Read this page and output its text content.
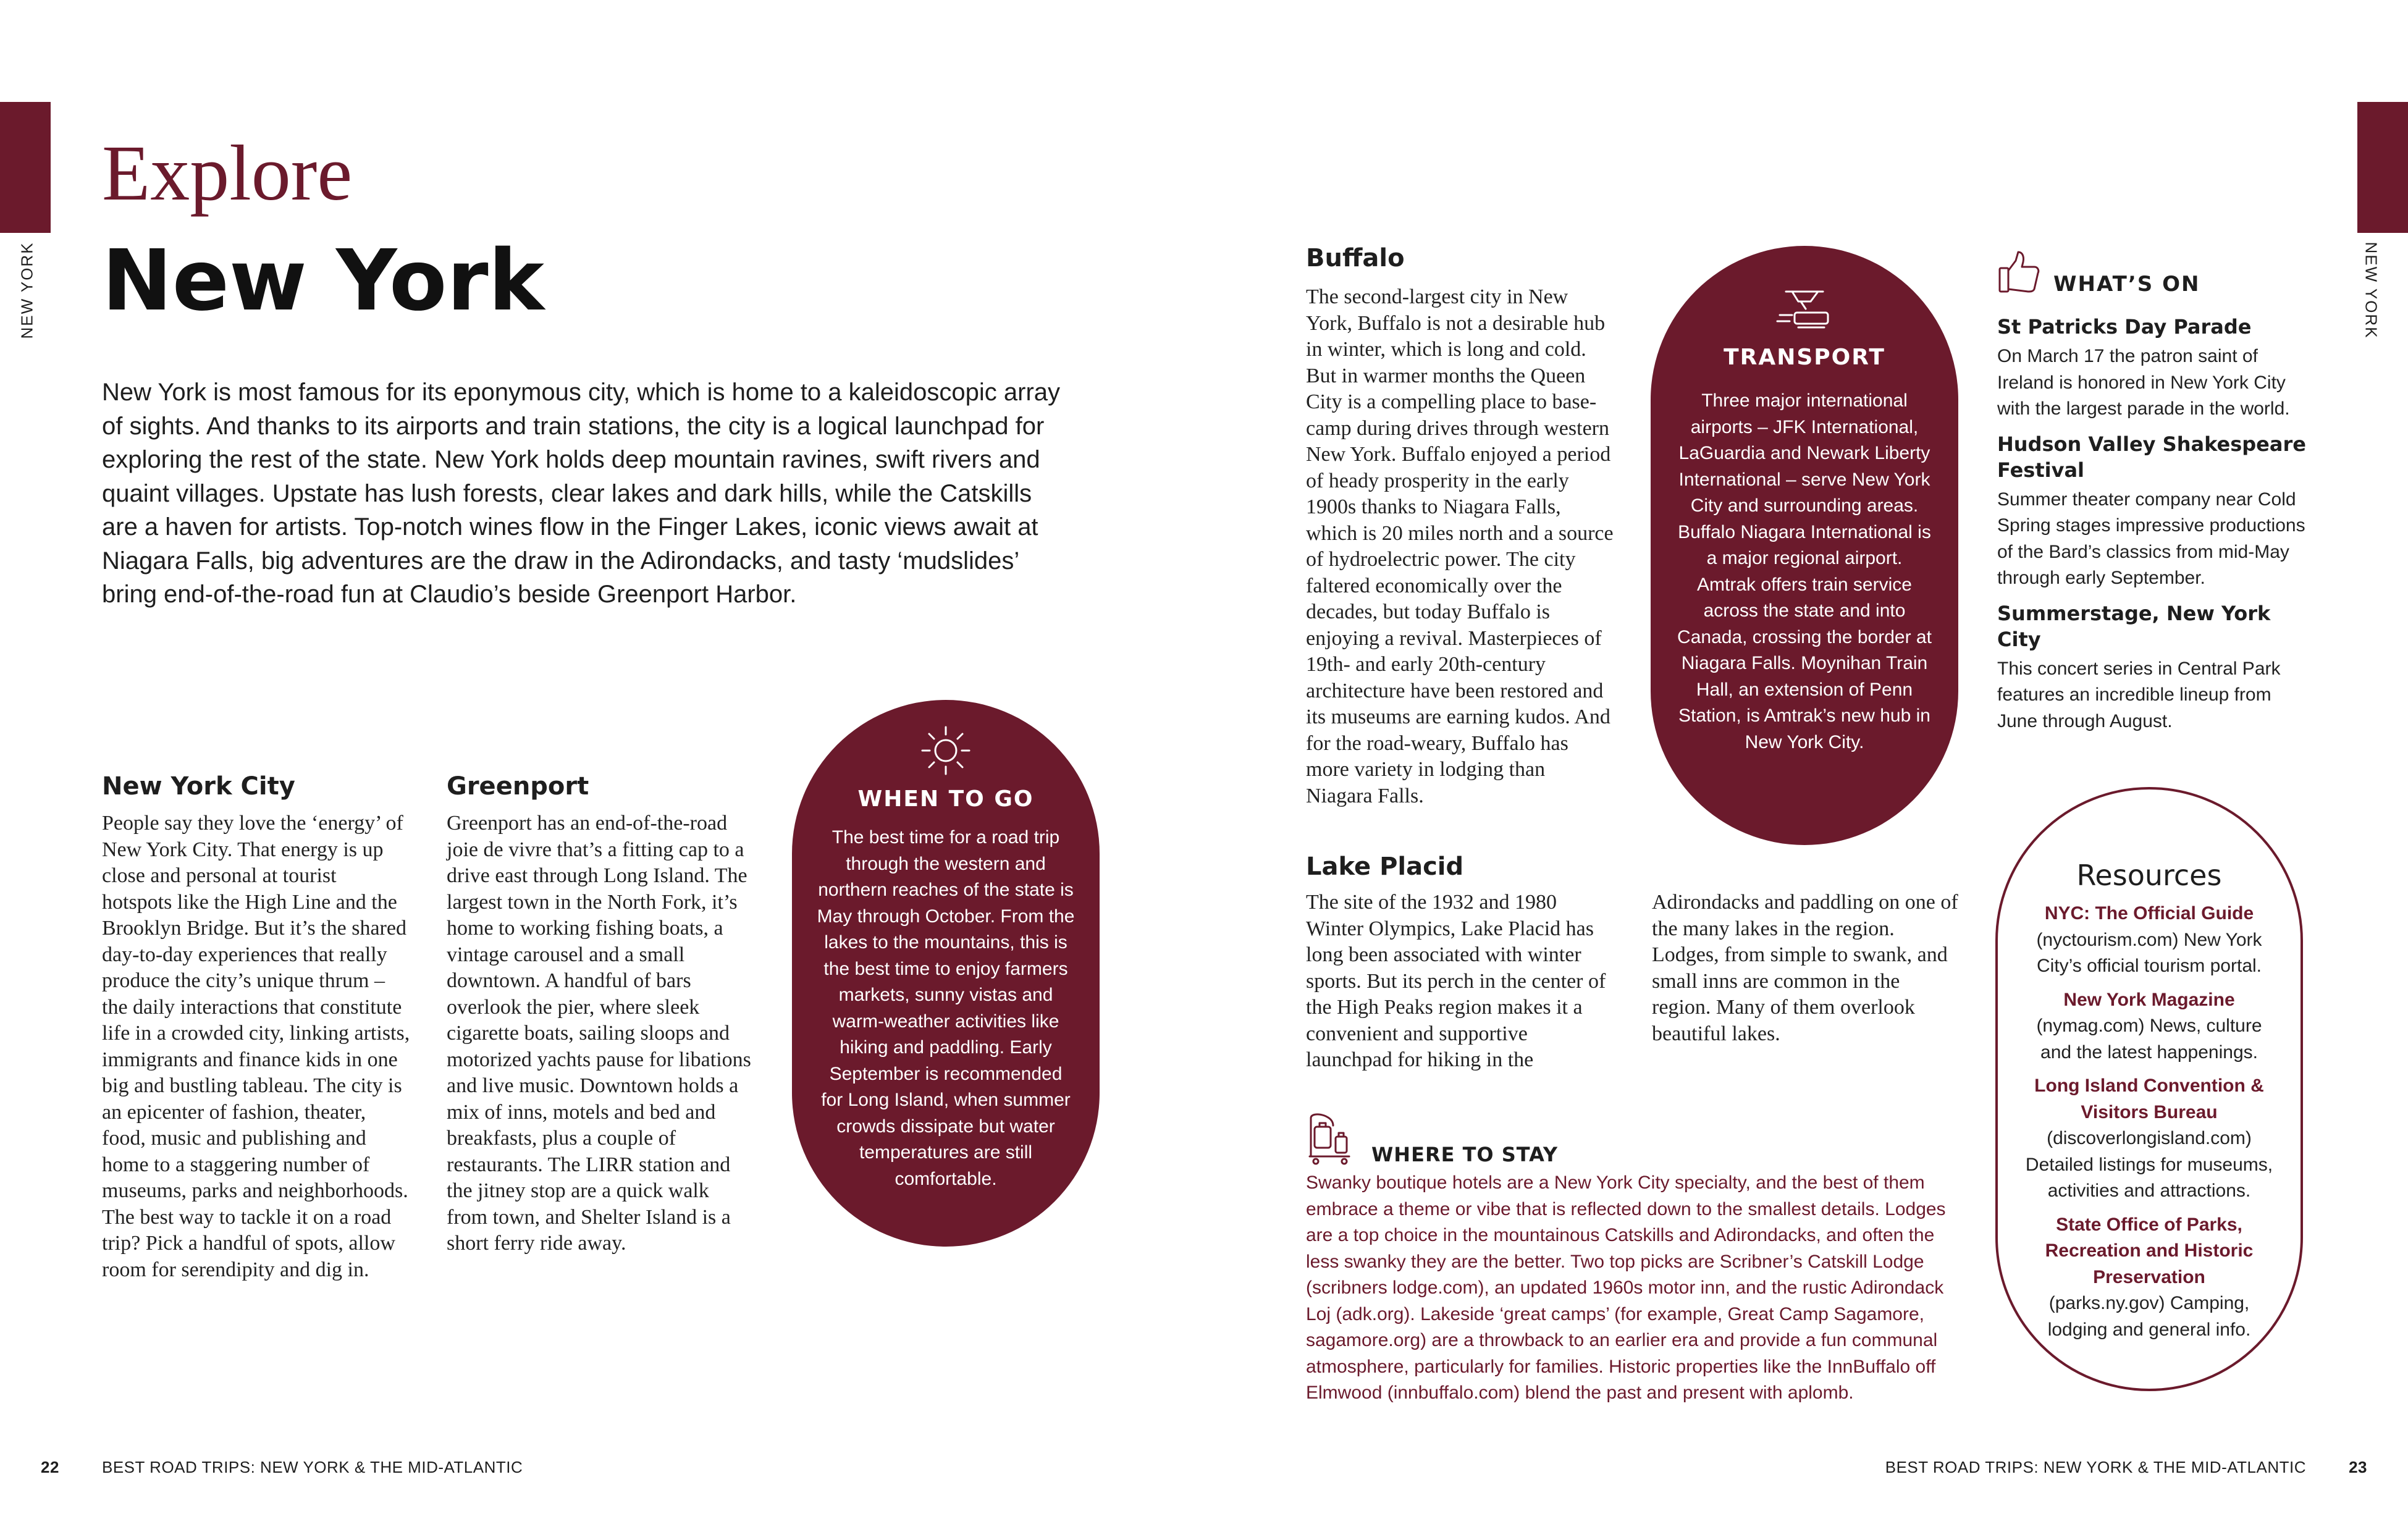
NEW YORK	NEW YORK
Explore
New York
New York is most famous for its eponymous city, which is home to a kaleidoscopic array of sights. And thanks to its airports and train stations, the city is a logical launchpad for exploring the rest of the state. New York holds deep mountain ravines, swift rivers and quaint villages. Upstate has lush forests, clear lakes and dark hills, while the Catskills are a haven for artists. Top-notch wines flow in the Finger Lakes, iconic views await at Niagara Falls, big adventures are the draw in the Adirondacks, and tasty ‘mudslides’ bring end-of-the-road fun at Claudio’s beside Greenport Harbor.
New York City
People say they love the ‘energy’ of New York City. That energy is up close and personal at tourist hotspots like the High Line and the Brooklyn Bridge. But it’s the shared day-to-day experiences that really produce the city’s unique thrum – the daily interactions that constitute life in a crowded city, linking artists, immigrants and finance kids in one big and bustling tableau. The city is an epicenter of fashion, theater, food, music and publishing and home to a staggering number of museums, parks and neighborhoods. The best way to tackle it on a road trip? Pick a handful of spots, allow room for serendipity and dig in.
Greenport
Greenport has an end-of-the-road joie de vivre that’s a fitting cap to a drive east through Long Island. The largest town in the North Fork, it’s home to working fishing boats, a vintage carousel and a small downtown. A handful of bars overlook the pier, where sleek cigarette boats, sailing sloops and motorized yachts pause for libations and live music. Downtown holds a mix of inns, motels and bed and breakfasts, plus a couple of restaurants. The LIRR station and the jitney stop are a quick walk from town, and Shelter Island is a short ferry ride away.
WHEN TO GO
The best time for a road trip through the western and northern reaches of the state is May through October. From the lakes to the mountains, this is the best time to enjoy farmers markets, sunny vistas and warm-weather activities like hiking and paddling. Early September is recommended for Long Island, when summer crowds dissipate but water temperatures are still comfortable.
Buffalo
The second-largest city in New York, Buffalo is not a desirable hub in winter, which is long and cold. But in warmer months the Queen City is a compelling place to base-camp during drives through western New York. Buffalo enjoyed a period of heady prosperity in the early 1900s thanks to Niagara Falls, which is 20 miles north and a source of hydroelectric power. The city faltered economically over the decades, but today Buffalo is enjoying a revival. Masterpieces of 19th- and early 20th-century architecture have been restored and its museums are earning kudos. And for the road-weary, Buffalo has more variety in lodging than Niagara Falls.
TRANSPORT
Three major international airports – JFK International, LaGuardia and Newark Liberty International – serve New York City and surrounding areas. Buffalo Niagara International is a major regional airport. Amtrak offers train service across the state and into Canada, crossing the border at Niagara Falls. Moynihan Train Hall, an extension of Penn Station, is Amtrak’s new hub in New York City.
Lake Placid
The site of the 1932 and 1980 Winter Olympics, Lake Placid has long been associated with winter sports. But its perch in the center of the High Peaks region makes it a convenient and supportive launchpad for hiking in the Adirondacks and paddling on one of the many lakes in the region. Lodges, from simple to swank, and small inns are common in the region. Many of them overlook beautiful lakes.
WHERE TO STAY
Swanky boutique hotels are a New York City specialty, and the best of them embrace a theme or vibe that is reflected down to the smallest details. Lodges are a top choice in the mountainous Catskills and Adirondacks, and often the less swanky they are the better. Two top picks are Scribner’s Catskill Lodge (scribners lodge.com), an updated 1960s motor inn, and the rustic Adirondack Loj (adk.org). Lakeside ‘great camps’ (for example, Great Camp Sagamore, sagamore.org) are a throwback to an earlier era and provide a fun communal atmosphere, particularly for families. Historic properties like the InnBuffalo off Elmwood (innbuffalo.com) blend the past and present with aplomb.
WHAT’S ON
St Patricks Day Parade
On March 17 the patron saint of Ireland is honored in New York City with the largest parade in the world.
Hudson Valley Shakespeare Festival
Summer theater company near Cold Spring stages impressive productions of the Bard’s classics from mid-May through early September.
Summerstage, New York City
This concert series in Central Park features an incredible lineup from June through August.
Resources
NYC: The Official Guide
(nyctourism.com) New York City’s official tourism portal.
New York Magazine
(nymag.com) News, culture and the latest happenings.
Long Island Convention & Visitors Bureau
(discoverlongisland.com) Detailed listings for museums, activities and attractions.
State Office of Parks, Recreation and Historic Preservation
(parks.ny.gov) Camping, lodging and general info.
22	BEST ROAD TRIPS: NEW YORK & THE MID-ATLANTIC	BEST ROAD TRIPS: NEW YORK & THE MID-ATLANTIC	23
